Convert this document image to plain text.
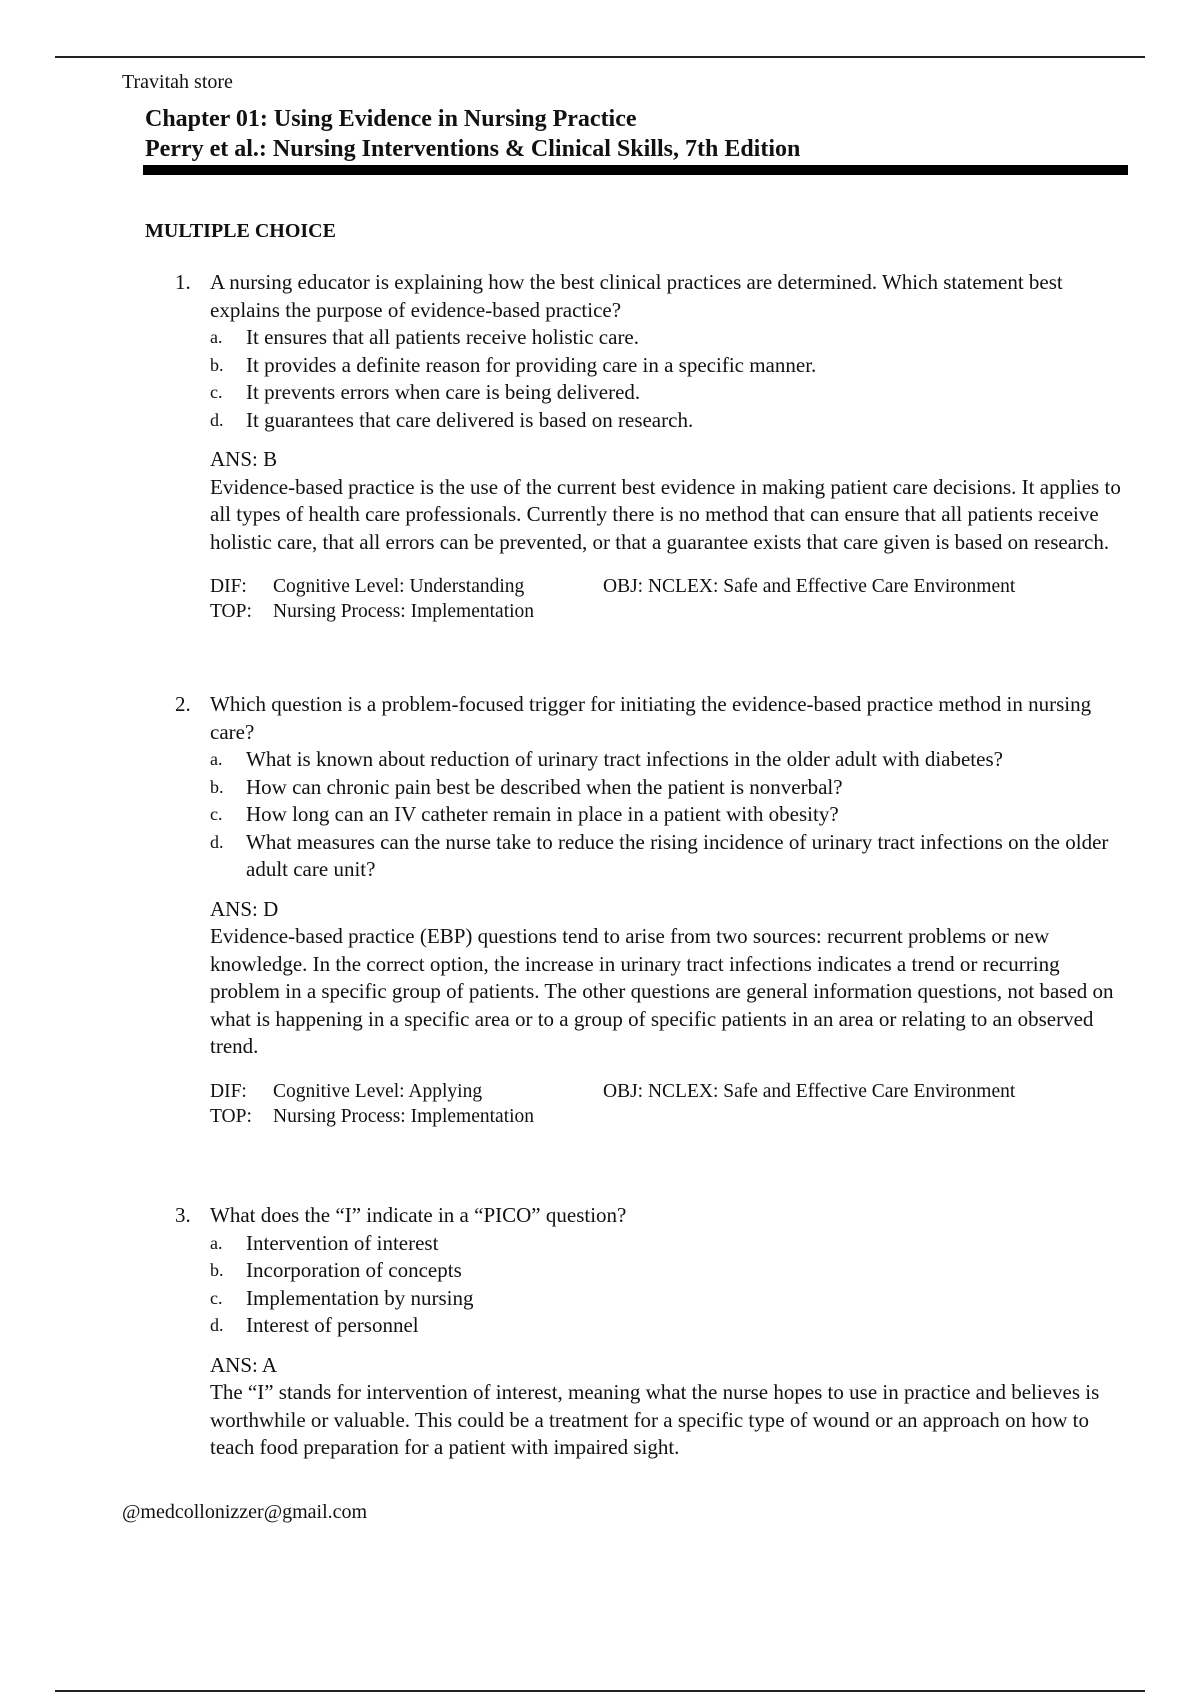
Travitah store
Chapter 01: Using Evidence in Nursing Practice
Perry et al.: Nursing Interventions & Clinical Skills, 7th Edition
MULTIPLE CHOICE
1. A nursing educator is explaining how the best clinical practices are determined. Which statement best explains the purpose of evidence-based practice?
a. It ensures that all patients receive holistic care.
b. It provides a definite reason for providing care in a specific manner.
c. It prevents errors when care is being delivered.
d. It guarantees that care delivered is based on research.
ANS: B
Evidence-based practice is the use of the current best evidence in making patient care decisions. It applies to all types of health care professionals. Currently there is no method that can ensure that all patients receive holistic care, that all errors can be prevented, or that a guarantee exists that care given is based on research.
DIF:	Cognitive Level: Understanding	OBJ: NCLEX: Safe and Effective Care Environment
TOP:	Nursing Process: Implementation
2. Which question is a problem-focused trigger for initiating the evidence-based practice method in nursing care?
a. What is known about reduction of urinary tract infections in the older adult with diabetes?
b. How can chronic pain best be described when the patient is nonverbal?
c. How long can an IV catheter remain in place in a patient with obesity?
d. What measures can the nurse take to reduce the rising incidence of urinary tract infections on the older adult care unit?
ANS: D
Evidence-based practice (EBP) questions tend to arise from two sources: recurrent problems or new knowledge. In the correct option, the increase in urinary tract infections indicates a trend or recurring problem in a specific group of patients. The other questions are general information questions, not based on what is happening in a specific area or to a group of specific patients in an area or relating to an observed trend.
DIF:	Cognitive Level: Applying	OBJ: NCLEX: Safe and Effective Care Environment
TOP:	Nursing Process: Implementation
3. What does the “I” indicate in a “PICO” question?
a. Intervention of interest
b. Incorporation of concepts
c. Implementation by nursing
d. Interest of personnel
ANS: A
The “I” stands for intervention of interest, meaning what the nurse hopes to use in practice and believes is worthwhile or valuable. This could be a treatment for a specific type of wound or an approach on how to teach food preparation for a patient with impaired sight.
@medcollonizzer@gmail.com
